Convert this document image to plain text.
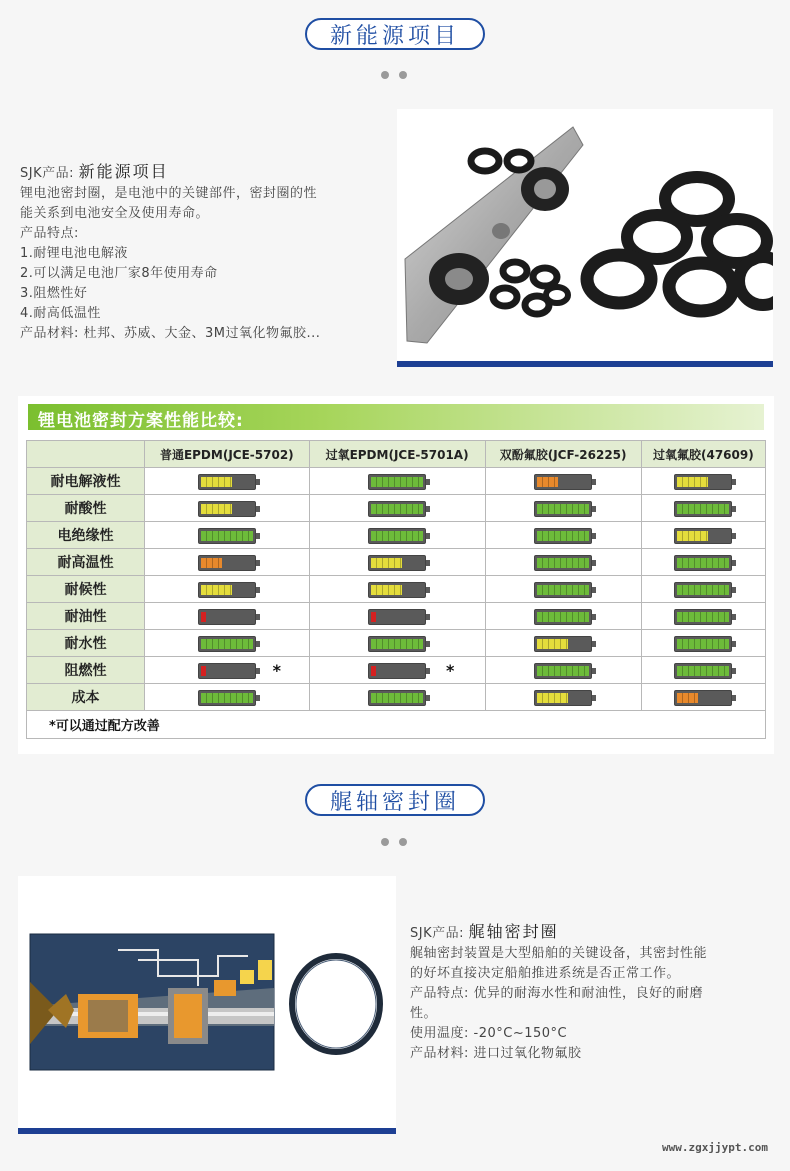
新能源项目
SJK产品: 新能源项目
锂电池密封圈，是电池中的关键部件，密封圈的性
能关系到电池安全及使用寿命。
产品特点:
1.耐锂电池电解液
2.可以满足电池厂家8年使用寿命
3.阻燃性好
4.耐高低温性
产品材料: 杜邦、苏威、大金、3M过氧化物氟胶...
锂电池密封方案性能比较:
	普通EPDM(JCE-5702)	过氧EPDM(JCE-5701A)	双酚氟胶(JCF-26225)	过氧氟胶(47609)
耐电解液性	

耐酸性	

电绝缘性	

耐高温性	

耐候性	

耐油性	

耐水性	

阻燃性	*	*		

成本	

*可以通过配方改善				
艉轴密封圈
SJK产品: 艉轴密封圈
艉轴密封装置是大型船舶的关键设备，其密封性能
的好坏直接决定船舶推进系统是否正常工作。
产品特点: 优异的耐海水性和耐油性，良好的耐磨
性。
使用温度: -20°C~150°C
产品材料: 进口过氧化物氟胶
www.zgxjjypt.com
